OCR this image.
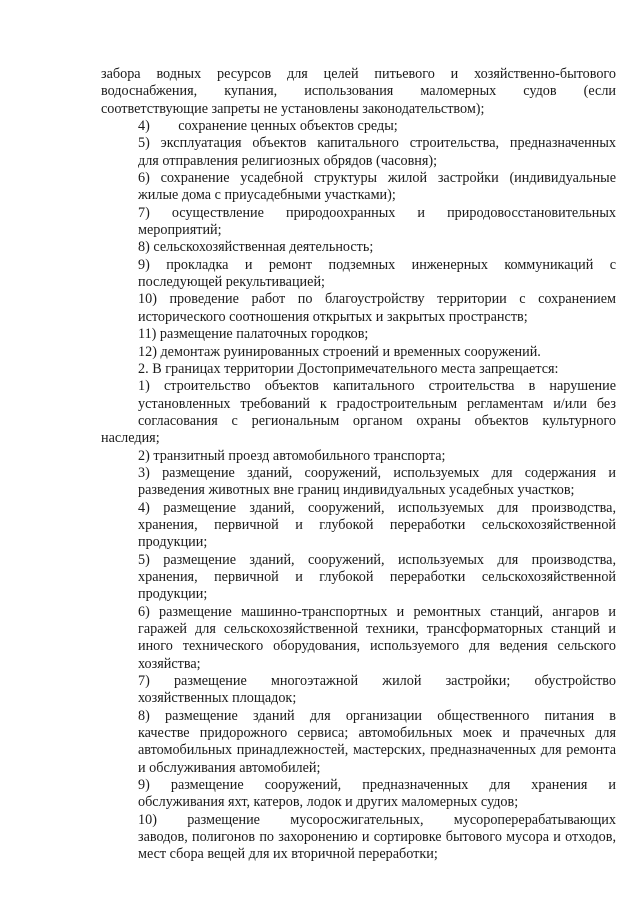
забора водных ресурсов для целей питьевого и хозяйственно-бытового
водоснабжения, купания, использования маломерных судов (если
соответствующие запреты не установлены законодательством);

4)  сохранение ценных объектов среды;

5) эксплуатация объектов капитального строительства, предназначенных
для отправления религиозных обрядов (часовня);

6) сохранение усадебной структуры жилой застройки (индивидуальные
жилые дома с приусадебными участками);

7) осуществление природоохранных и природовосстановительных
мероприятий;

8) сельскохозяйственная деятельность;

9) прокладка и ремонт подземных инженерных коммуникаций с
последующей рекультивацией;

10) проведение работ по благоустройству территории с сохранением
исторического соотношения открытых и закрытых пространств;

11) размещение палаточных городков;

12) демонтаж руинированных строений и временных сооружений.

2. В границах территории Достопримечательного места запрещается:

1) строительство объектов капитального строительства в нарушение
установленных требований к градостроительным регламентам и/или без
согласования с региональным органом охраны объектов культурного наследия;

2) транзитный проезд автомобильного транспорта;

3) размещение зданий, сооружений, используемых для содержания и
разведения животных вне границ индивидуальных усадебных участков;

4) размещение зданий, сооружений, используемых для производства,
хранения, первичной и глубокой переработки сельскохозяйственной
продукции;

5) размещение зданий, сооружений, используемых для производства,
хранения, первичной и глубокой переработки сельскохозяйственной
продукции;

6) размещение машинно-транспортных и ремонтных станций, ангаров и
гаражей для сельскохозяйственной техники, трансформаторных станций и
иного технического оборудования, используемого для ведения сельского
хозяйства;

7) размещение многоэтажной жилой застройки; обустройство
хозяйственных площадок;

8) размещение зданий для организации общественного питания в
качестве придорожного сервиса; автомобильных моек и прачечных для
автомобильных принадлежностей, мастерских, предназначенных для ремонта
и обслуживания автомобилей;

9) размещение сооружений, предназначенных для хранения и
обслуживания яхт, катеров, лодок и других маломерных судов;

10) размещение мусоросжигательных, мусороперерабатывающих
заводов, полигонов по захоронению и сортировке бытового мусора и отходов,
мест сбора вещей для их вторичной переработки;
